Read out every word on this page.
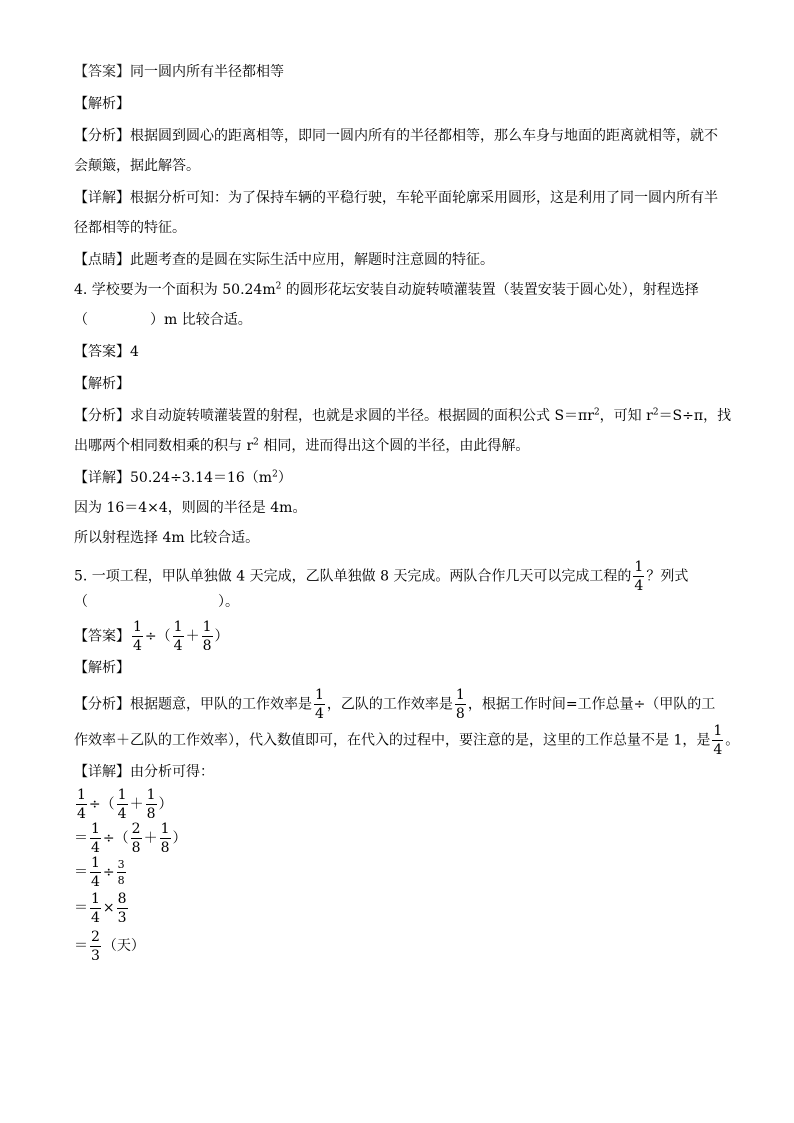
【答案】同一圆内所有半径都相等
【解析】
【分析】根据圆到圆心的距离相等，即同一圆内所有的半径都相等，那么车身与地面的距离就相等，就不
会颠簸，据此解答。
【详解】根据分析可知：为了保持车辆的平稳行驶，车轮平面轮廓采用圆形，这是利用了同一圆内所有半
径都相等的特征。
【点睛】此题考查的是圆在实际生活中应用，解题时注意圆的特征。
4. 学校要为一个面积为 $50.24m^2$ 的圆形花坛安装自动旋转喷灌装置（装置安装于圆心处），射程选择
（	）m 比较合适。
【答案】4
【解析】
【分析】求自动旋转喷灌装置的射程，也就是求圆的半径。根据圆的面积公式 $S=\pi r^2$，可知 $r^2=S\div\pi$，找
出哪两个相同数相乘的积与 $r^2$ 相同，进而得出这个圆的半径，由此得解。
【详解】$50.24\div 3.14=16(m^2)$
因为 16＝4×4，则圆的半径是 4m。
所以射程选择 4m 比较合适。
5. 一项工程，甲队单独做 4 天完成，乙队单独做 8 天完成。两队合作几天可以完成工程的 $\frac{1}{4}$ ？列式
（	）。
【答案】 $\frac{1}{4}$ ÷（ $\frac{1}{4} + \frac{1}{8}$ ）
【解析】
【分析】根据题意，甲队的工作效率是 $\frac{1}{4}$ ，乙队的工作效率是 $\frac{1}{8}$ ，根据工作时间=工作总量÷（甲队的工
作效率＋乙队的工作效率），代入数值即可，在代入的过程中，要注意的是，这里的工作总量不是 1，是 $\frac{1}{4}$ 。
【详解】由分析可得：
$\frac{1}{4}$ ÷（ $\frac{1}{4} + \frac{1}{8}$ ）
＝ $\frac{1}{4}$ ÷（ $\frac{2}{8} + \frac{1}{8}$ ）
＝ $\frac{1}{4} \div \frac{3}{8}$
＝ $\frac{1}{4} \times \frac{8}{3}$
＝ $\frac{2}{3}$ （天）
